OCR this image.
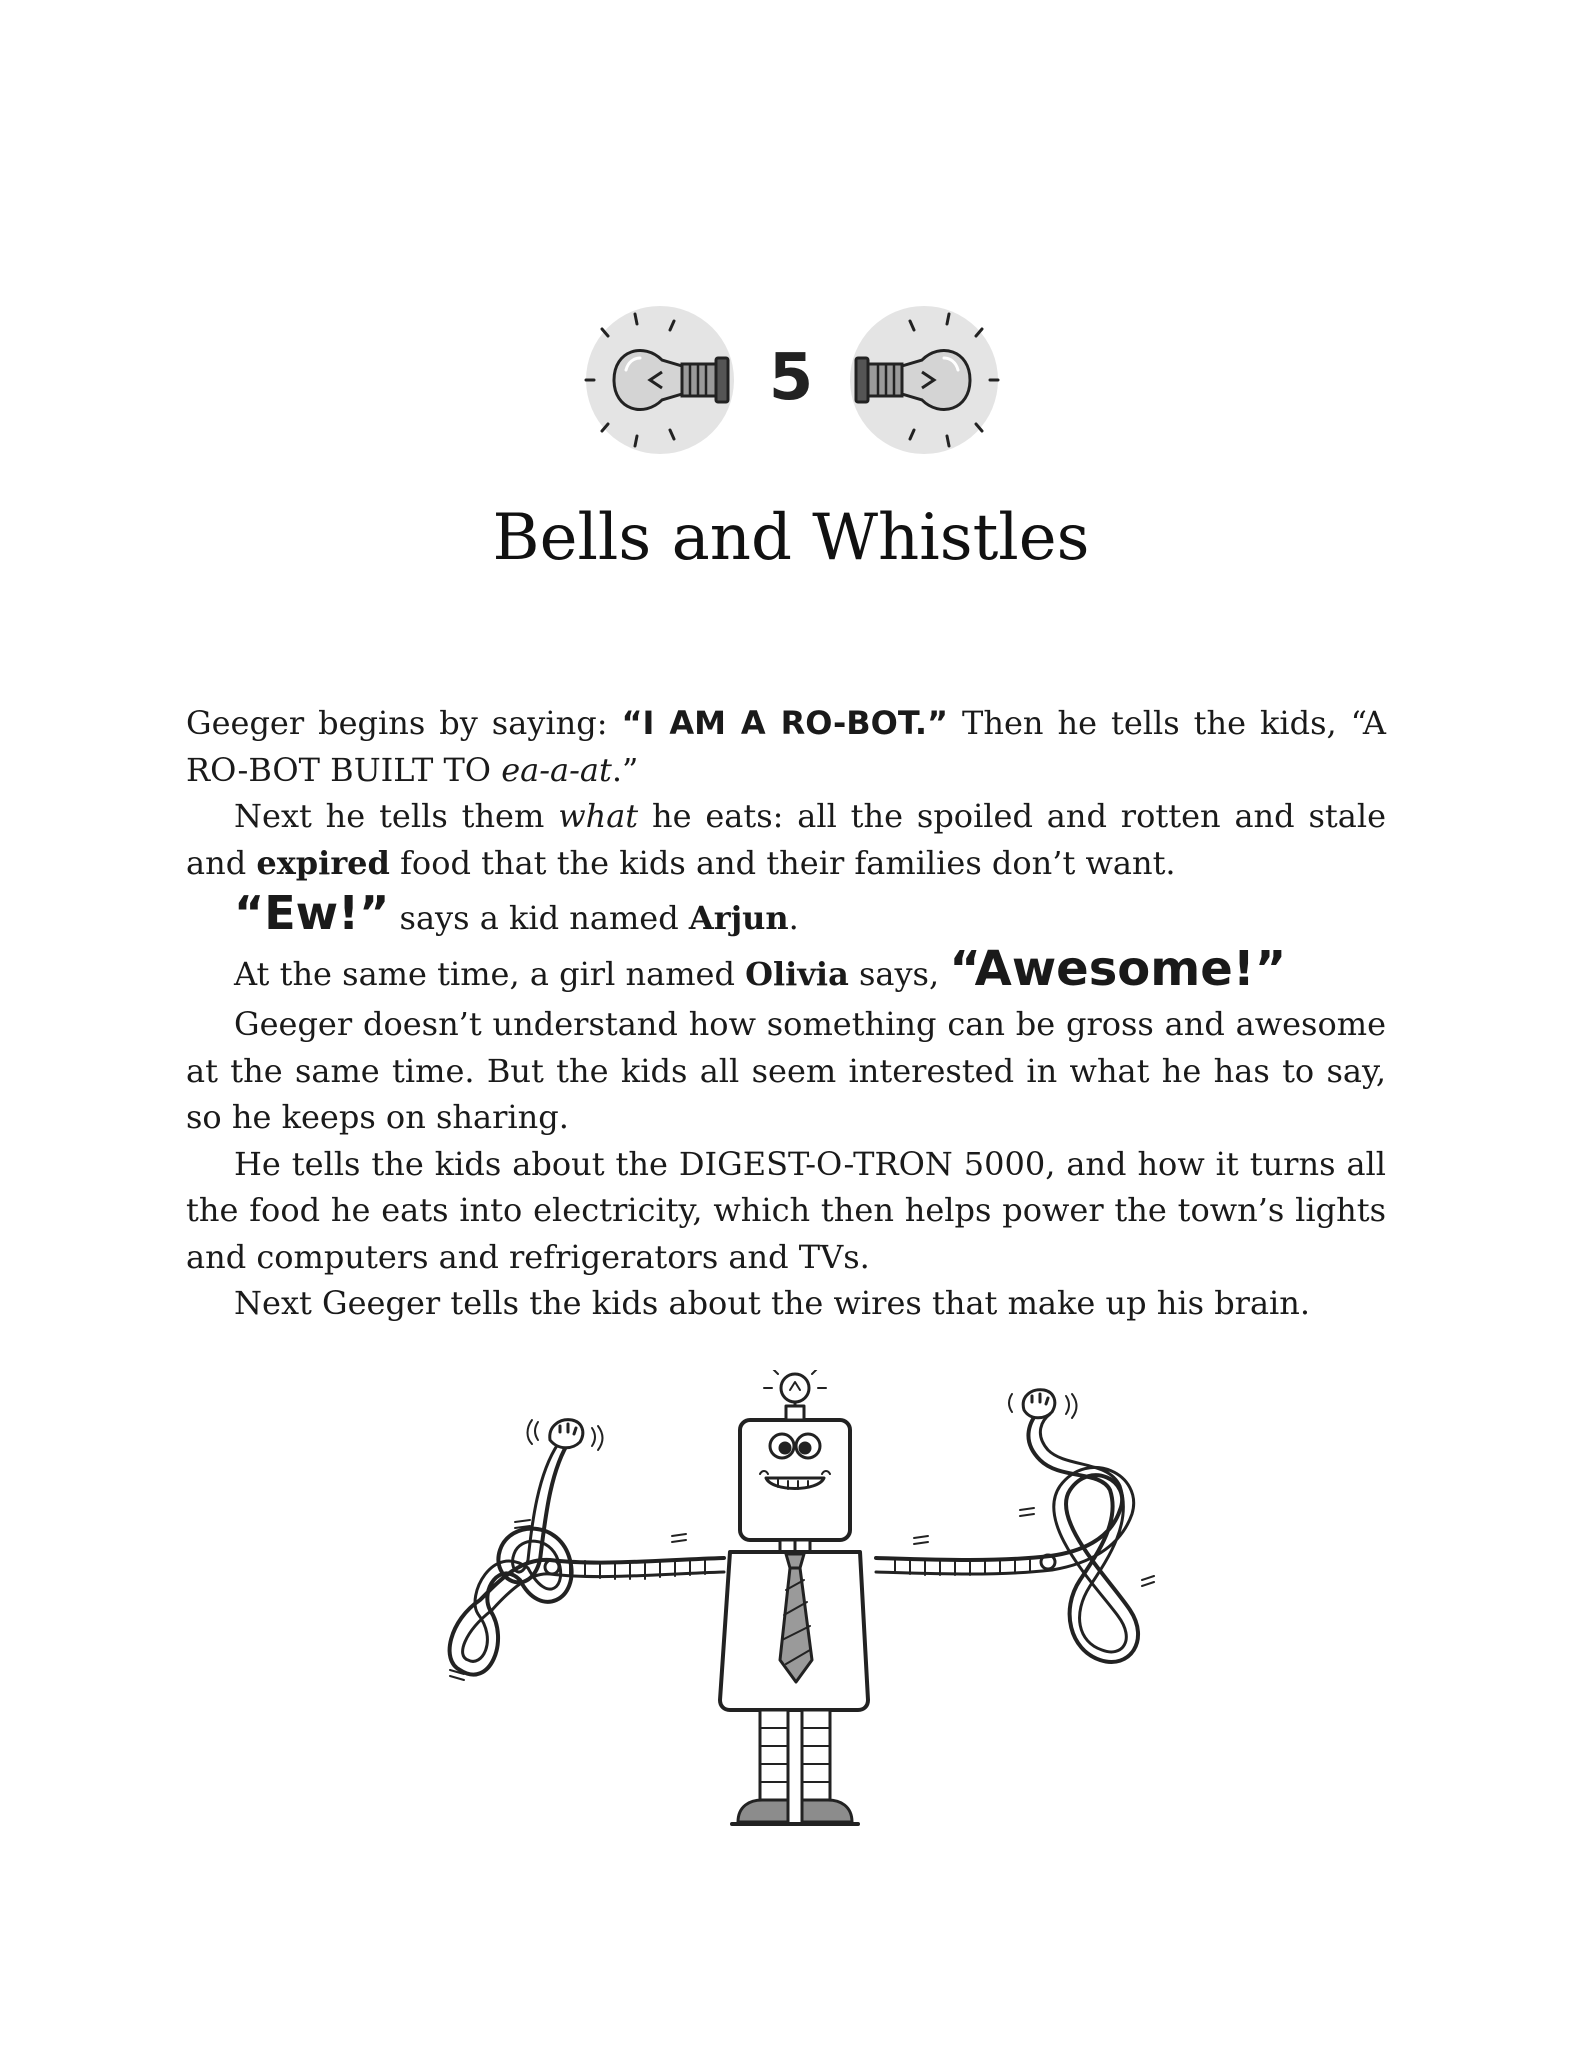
5
Bells and Whistles

Geeger begins by saying: “I AM A RO-BOT.” Then he tells the kids, “A RO-BOT BUILT TO ea-a-at.”

Next he tells them what he eats: all the spoiled and rotten and stale and expired food that the kids and their families don’t want.

“Ew!” says a kid named Arjun.

At the same time, a girl named Olivia says, “Awesome!”

Geeger doesn’t understand how something can be gross and awesome at the same time. But the kids all seem interested in what he has to say, so he keeps on sharing.

He tells the kids about the DIGEST-O-TRON 5000, and how it turns all the food he eats into electricity, which then helps power the town’s lights and computers and refrigerators and TVs.

Next Geeger tells the kids about the wires that make up his brain.
